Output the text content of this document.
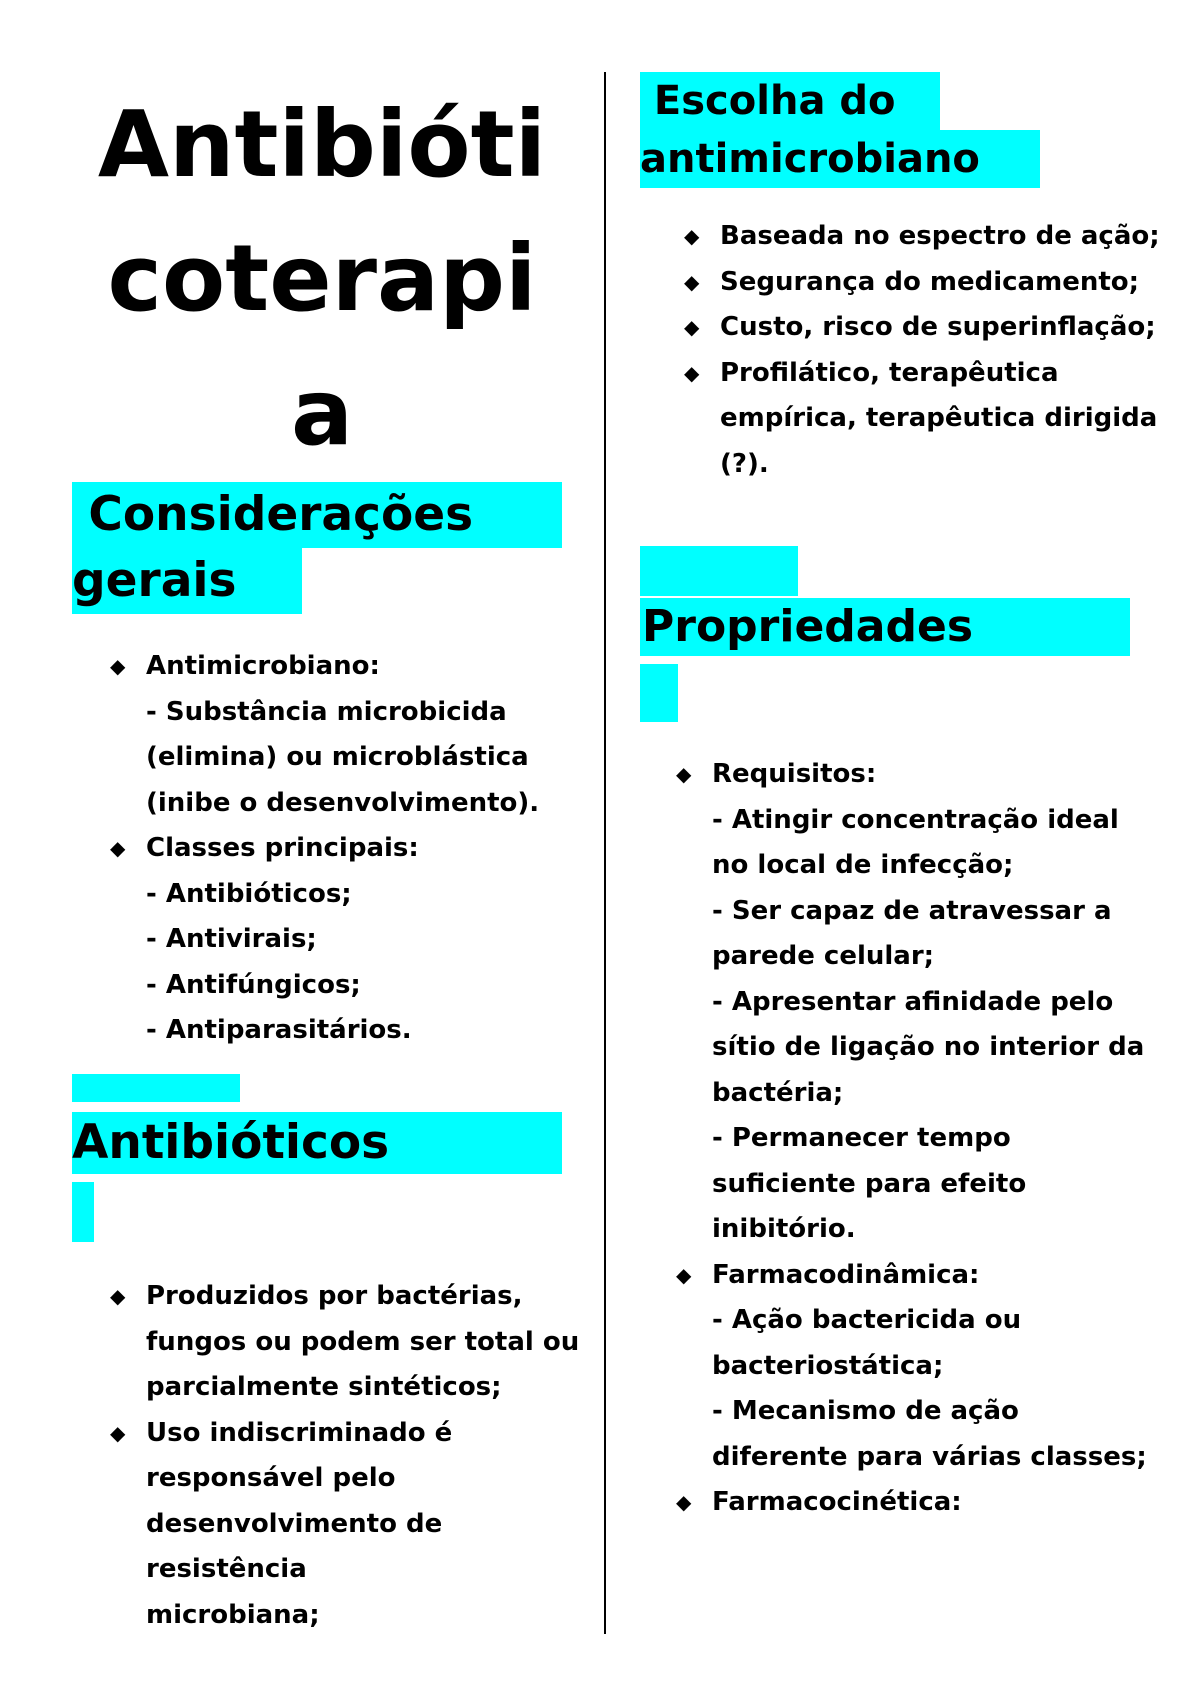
Antibióti
coterapi
a
Considerações
gerais
◆ Antimicrobiano:
- Substância microbicida
(elimina) ou microblástica
(inibe o desenvolvimento).
◆ Classes principais:
- Antibióticos;
- Antivirais;
- Antifúngicos;
- Antiparasitários.
Antibióticos
◆ Produzidos por bactérias,
fungos ou podem ser total ou
parcialmente sintéticos;
◆ Uso indiscriminado é
responsável pelo
desenvolvimento de resistência
microbiana;
Escolha do
antimicrobiano
◆ Baseada no espectro de ação;
◆ Segurança do medicamento;
◆ Custo, risco de superinflação;
◆ Profilático, terapêutica
empírica, terapêutica dirigida
(?).
Propriedades
◆ Requisitos:
- Atingir concentração ideal
no local de infecção;
- Ser capaz de atravessar a
parede celular;
- Apresentar afinidade pelo
sítio de ligação no interior da
bactéria;
- Permanecer tempo
suficiente para efeito
inibitório.
◆ Farmacodinâmica:
- Ação bactericida ou
bacteriostática;
- Mecanismo de ação
diferente para várias classes;
◆ Farmacocinética:
